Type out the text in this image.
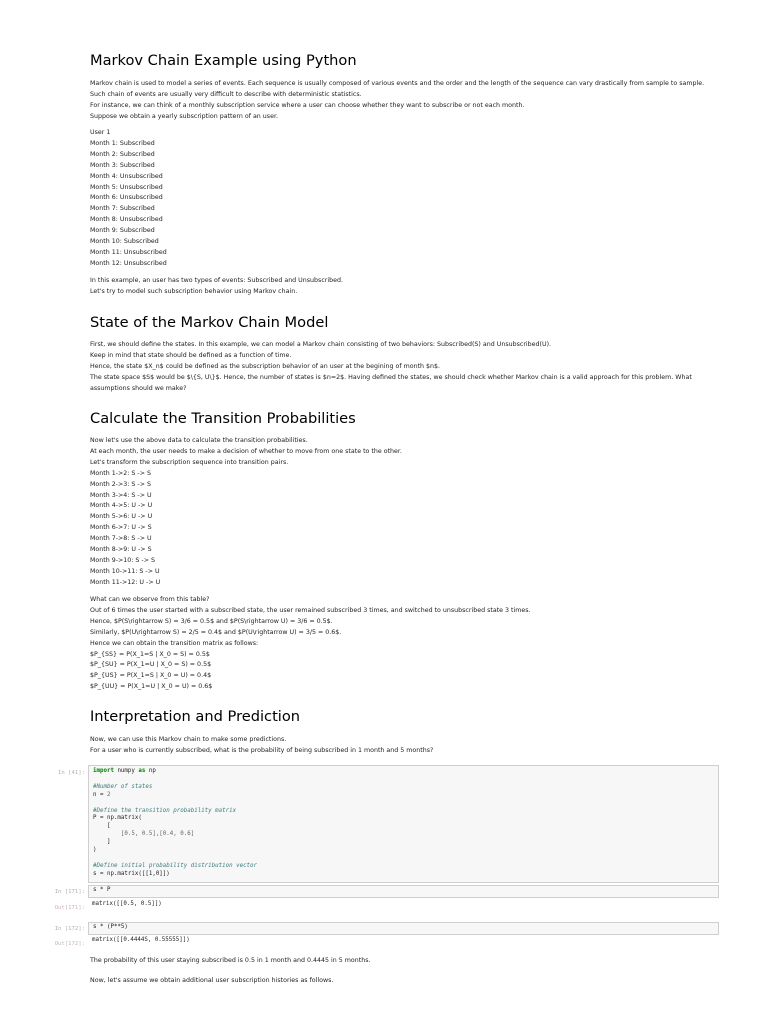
Markov Chain Example using Python

Markov chain is used to model a series of events. Each sequence is usually composed of various events and the order and the length of the sequence can vary drastically from sample to sample.

Such chain of events are usually very difficult to describe with deterministic statistics.

For instance, we can think of a monthly subscription service where a user can choose whether they want to subscribe or not each month.

Suppose we obtain a yearly subscription pattern of an user.

User 1

Month 1: Subscribed

Month 2: Subscribed

Month 3: Subscribed

Month 4: Unsubscribed

Month 5: Unsubscribed

Month 6: Unsubscribed

Month 7: Subscribed

Month 8: Unsubscribed

Month 9: Subscribed

Month 10: Subscribed

Month 11: Unsubscribed

Month 12: Unsubscribed

In this example, an user has two types of events: Subscribed and Unsubscribed.

Let's try to model such subscription behavior using Markov chain.

State of the Markov Chain Model

First, we should define the states. In this example, we can model a Markov chain consisting of two behaviors: Subscribed(S) and Unsubscribed(U).

Keep in mind that state should be defined as a function of time.

Hence, the state $X_n$ could be defined as the subscription behavior of an user at the begining of month $n$.

The state space $S$ would be $\{S, U\}$. Hence, the number of states is $n=2$. Having defined the states, we should check whether Markov chain is a valid approach for this problem. What

assumptions should we make?

Calculate the Transition Probabilities

Now let's use the above data to calculate the transition probabilities.

At each month, the user needs to make a decision of whether to move from one state to the other.

Let's transform the subscription sequence into transition pairs.

Month 1->2: S -> S

Month 2->3: S -> S

Month 3->4: S -> U

Month 4->5: U -> U

Month 5->6: U -> U

Month 6->7: U -> S

Month 7->8: S -> U

Month 8->9: U -> S

Month 9->10: S -> S

Month 10->11: S -> U

Month 11->12: U -> U

What can we observe from this table?

Out of 6 times the user started with a subscribed state, the user remained subscribed 3 times, and switched to unsubscribed state 3 times.

Hence, $P(S\rightarrow S) = 3/6 = 0.5$ and $P(S\rightarrow U) = 3/6 = 0.5$.

Similarly, $P(U\rightarrow S) = 2/5 = 0.4$ and $P(U\rightarrow U) = 3/5 = 0.6$.

Hence we can obtain the transition matrix as follows:

$P_{SS} = P(X_1=S | X_0 = S) = 0.5$

$P_{SU} = P(X_1=U | X_0 = S) = 0.5$

$P_{US} = P(X_1=S | X_0 = U) = 0.4$

$P_{UU} = P(X_1=U | X_0 = U) = 0.6$

Interpretation and Prediction

Now, we can use this Markov chain to make some predictions.

For a user who is currently subscribed, what is the probability of being subscribed in 1 month and 5 months?

In [41]:	import numpy as np

#Number of states
n = 2

#Define the transition probability matrix
P = np.matrix(
[
[0.5, 0.5],[0.4, 0.6]
]
)

#Define initial probability distribution vector
s = np.matrix([[1,0]])
In [171]:	s * P
Out[171]:
matrix([[0.5, 0.5]])
In [172]:	s * (P**5)
Out[172]:
matrix([[0.4444S, 0.55555]])

The probability of this user staying subscribed is 0.5 in 1 month and 0.4445 in 5 months.

Now, let's assume we obtain additional user subscription histories as follows.
